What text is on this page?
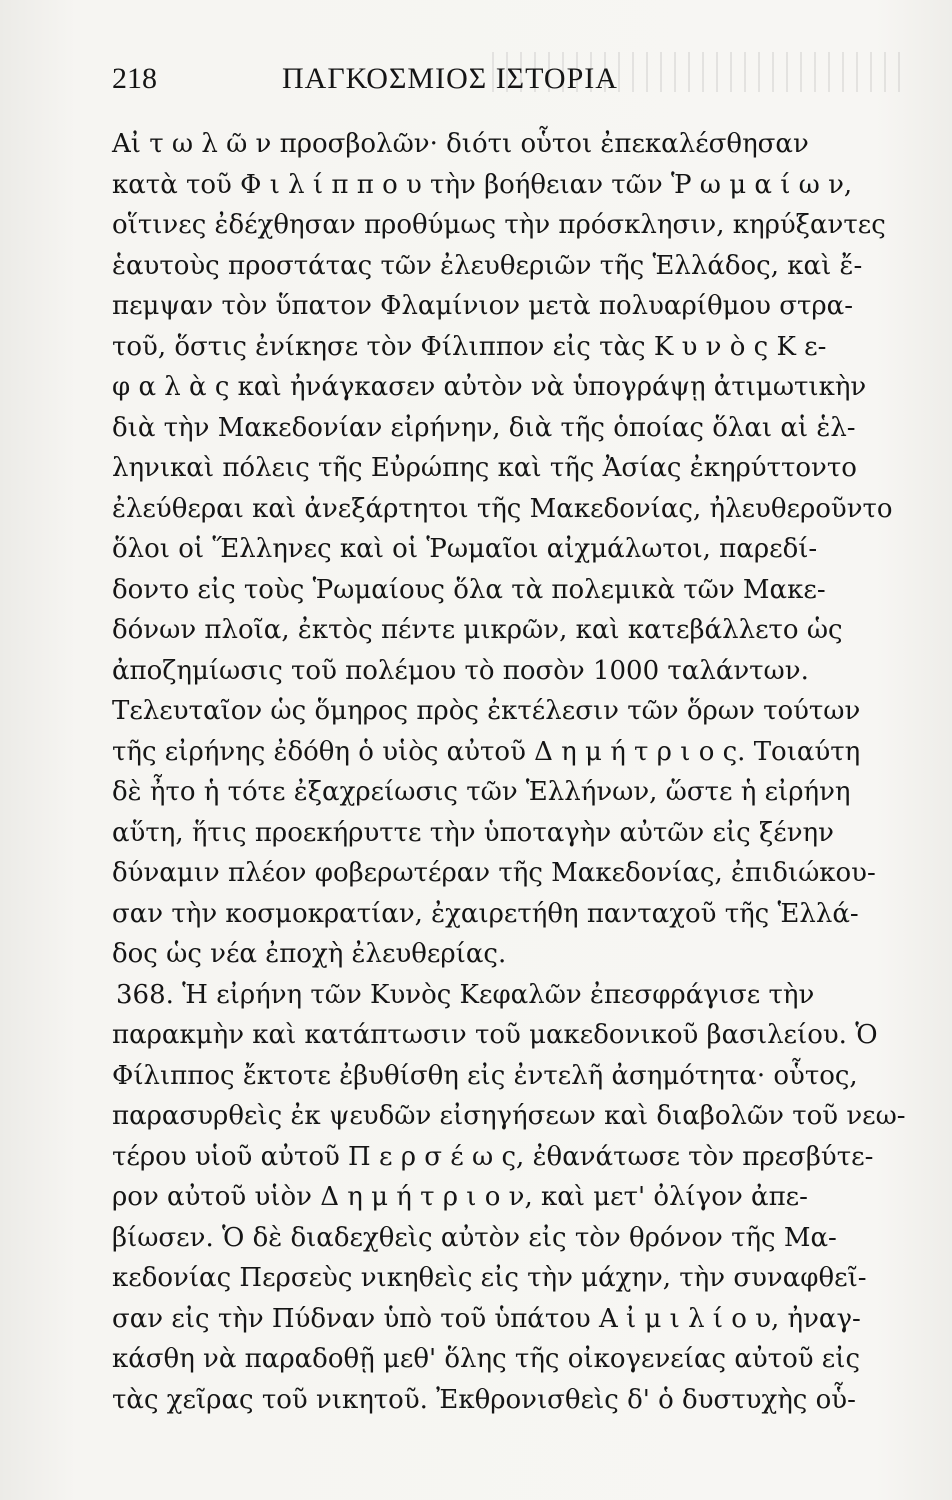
218	ΠΑΓΚΟΣΜΙΟΣ ΙΣΤΟΡΙΑ
Αἰ τ ω λ ῶ ν προσβολῶν· διότι οὗτοι ἐπεκαλέσθησαν
κατὰ τοῦ Φ ι λ ί π π ο υ τὴν βοήθειαν τῶν Ῥ ω μ α ί ω ν,
οἵτινες ἐδέχθησαν προθύμως τὴν πρόσκλησιν, κηρύξαντες
ἑαυτοὺς προστάτας τῶν ἐλευθεριῶν τῆς Ἑλλάδος, καὶ ἔ-
πεμψαν τὸν ὕπατον Φλαμίνιον μετὰ πολυαρίθμου στρα-
τοῦ, ὅστις ἐνίκησε τὸν Φίλιππον εἰς τὰς Κ υ ν ὸ ς Κ ε-
φ α λ ὰ ς καὶ ἠνάγκασεν αὐτὸν νὰ ὑπογράψῃ ἀτιμωτικὴν
διὰ τὴν Μακεδονίαν εἰρήνην, διὰ τῆς ὁποίας ὅλαι αἱ ἑλ-
ληνικαὶ πόλεις τῆς Εὐρώπης καὶ τῆς Ἀσίας ἐκηρύττοντο
ἐλεύθεραι καὶ ἀνεξάρτητοι τῆς Μακεδονίας, ἠλευθεροῦντο
ὅλοι οἱ Ἕλληνες καὶ οἱ Ῥωμαῖοι αἰχμάλωτοι, παρεδί-
δοντο εἰς τοὺς Ῥωμαίους ὅλα τὰ πολεμικὰ τῶν Μακε-
δόνων πλοῖα, ἐκτὸς πέντε μικρῶν, καὶ κατεβάλλετο ὡς
ἀποζημίωσις τοῦ πολέμου τὸ ποσὸν 1000 ταλάντων.
Τελευταῖον ὡς ὅμηρος πρὸς ἐκτέλεσιν τῶν ὅρων τούτων
τῆς εἰρήνης ἐδόθη ὁ υἱὸς αὐτοῦ Δ η μ ή τ ρ ι ο ς. Τοιαύτη
δὲ ἦτο ἡ τότε ἐξαχρείωσις τῶν Ἑλλήνων, ὥστε ἡ εἰρήνη
αὕτη, ἥτις προεκήρυττε τὴν ὑποταγὴν αὐτῶν εἰς ξένην
δύναμιν πλέον φοβερωτέραν τῆς Μακεδονίας, ἐπιδιώκου-
σαν τὴν κοσμοκρατίαν, ἐχαιρετήθη πανταχοῦ τῆς Ἑλλά-
δος ὡς νέα ἐποχὴ ἐλευθερίας.
368. Ἡ εἰρήνη τῶν Κυνὸς Κεφαλῶν ἐπεσφράγισε τὴν
παρακμὴν καὶ κατάπτωσιν τοῦ μακεδονικοῦ βασιλείου. Ὁ
Φίλιππος ἔκτοτε ἐβυθίσθη εἰς ἐντελῆ ἀσημότητα· οὗτος,
παρασυρθεὶς ἐκ ψευδῶν εἰσηγήσεων καὶ διαβολῶν τοῦ νεω-
τέρου υἱοῦ αὐτοῦ Π ε ρ σ έ ω ς, ἐθανάτωσε τὸν πρεσβύτε-
ρον αὐτοῦ υἱὸν Δ η μ ή τ ρ ι ο ν, καὶ μετ' ὀλίγον ἀπε-
βίωσεν. Ὁ δὲ διαδεχθεὶς αὐτὸν εἰς τὸν θρόνον τῆς Μα-
κεδονίας Περσεὺς νικηθεὶς εἰς τὴν μάχην, τὴν συναφθεῖ-
σαν εἰς τὴν Πύδναν ὑπὸ τοῦ ὑπάτου Α ἰ μ ι λ ί ο υ, ἠναγ-
κάσθη νὰ παραδοθῇ μεθ' ὅλης τῆς οἰκογενείας αὐτοῦ εἰς
τὰς χεῖρας τοῦ νικητοῦ. Ἐκθρονισθεὶς δ' ὁ δυστυχὴς οὗ-
